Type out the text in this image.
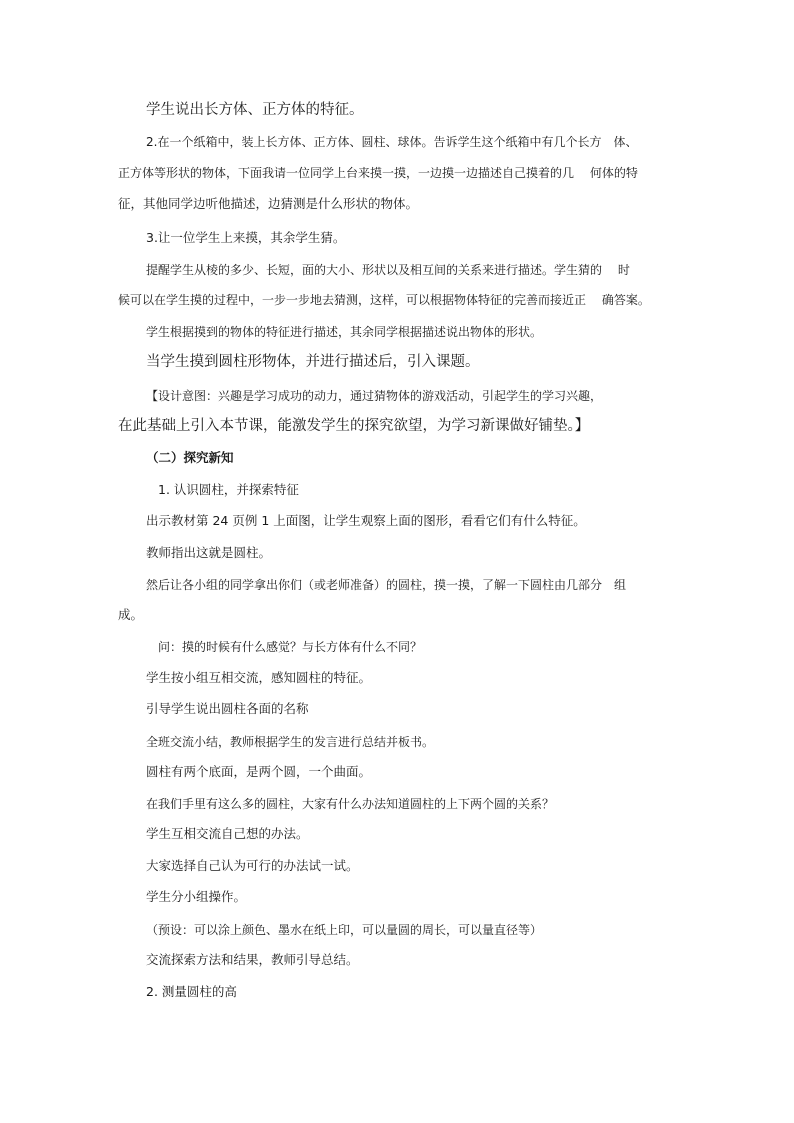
学生说出长方体、正方体的特征。
2.在一个纸箱中，装上长方体、正方体、圆柱、球体。告诉学生这个纸箱中有几个长方　体、
正方体等形状的物体，下面我请一位同学上台来摸一摸，一边摸一边描述自己摸着的几　 何体的特
征，其他同学边听他描述，边猜测是什么形状的物体。
3.让一位学生上来摸，其余学生猜。
提醒学生从棱的多少、长短，面的大小、形状以及相互间的关系来进行描述。学生猜的　 时
候可以在学生摸的过程中，一步一步地去猜测，这样，可以根据物体特征的完善而接近正　 确答案。
学生根据摸到的物体的特征进行描述，其余同学根据描述说出物体的形状。
当学生摸到圆柱形物体，并进行描述后，引入课题。
【设计意图：兴趣是学习成功的动力，通过猜物体的游戏活动，引起学生的学习兴趣，
在此基础上引入本节课，能激发学生的探究欲望，为学习新课做好铺垫。】
（二）探究新知
1. 认识圆柱，并探索特征
出示教材第 24 页例 1 上面图，让学生观察上面的图形，看看它们有什么特征。
教师指出这就是圆柱。
然后让各小组的同学拿出你们（或老师准备）的圆柱，摸一摸，了解一下圆柱由几部分　组
成。
问：摸的时候有什么感觉？与长方体有什么不同？
学生按小组互相交流，感知圆柱的特征。
引导学生说出圆柱各面的名称
全班交流小结，教师根据学生的发言进行总结并板书。
圆柱有两个底面，是两个圆，一个曲面。
在我们手里有这么多的圆柱，大家有什么办法知道圆柱的上下两个圆的关系？
学生互相交流自己想的办法。
大家选择自己认为可行的办法试一试。
学生分小组操作。
（预设：可以涂上颜色、墨水在纸上印，可以量圆的周长，可以量直径等）
交流探索方法和结果，教师引导总结。
2. 测量圆柱的高
